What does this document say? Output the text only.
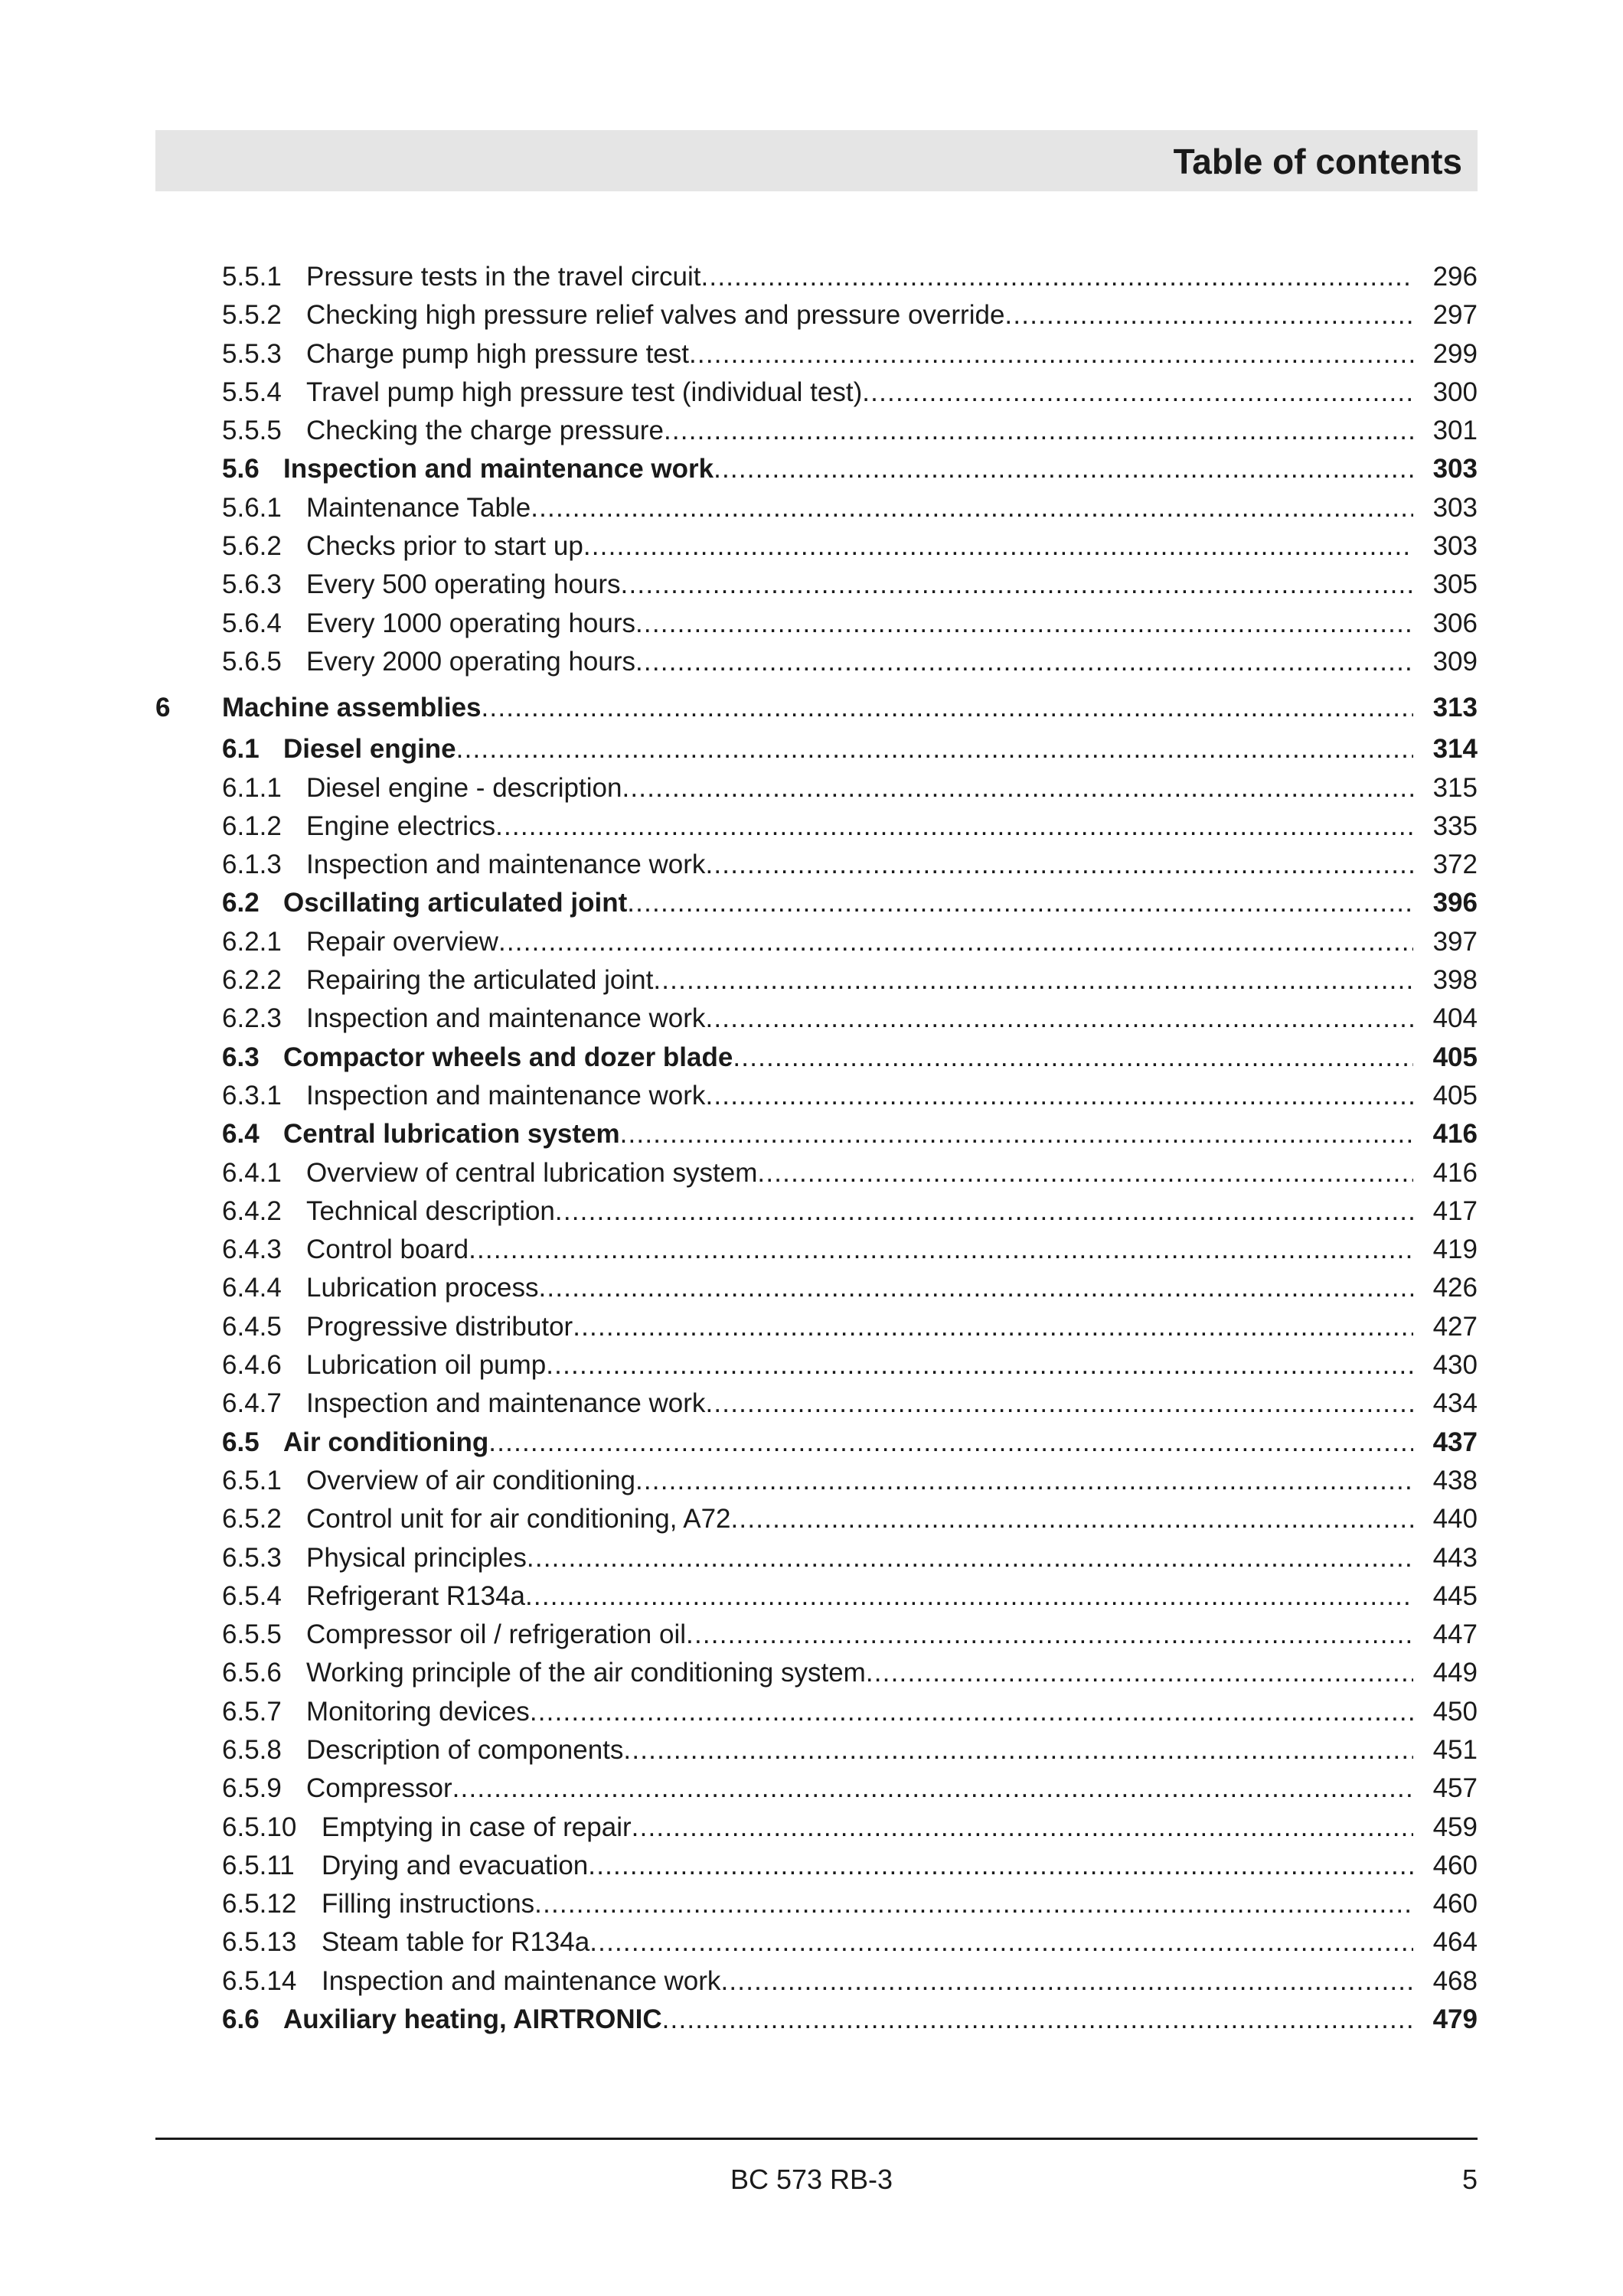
Table of contents
5.5.1 Pressure tests in the travel circuit .....	296
5.5.2 Checking high pressure relief valves and pressure override .....	297
5.5.3 Charge pump high pressure test .....	299
5.5.4 Travel pump high pressure test (individual test) .....	300
5.5.5 Checking the charge pressure .....	301
5.6 Inspection and maintenance work .....	303
5.6.1 Maintenance Table .....	303
5.6.2 Checks prior to start up .....	303
5.6.3 Every 500 operating hours .....	305
5.6.4 Every 1000 operating hours .....	306
5.6.5 Every 2000 operating hours .....	309
6 Machine assemblies .....	313
6.1 Diesel engine .....	314
6.1.1 Diesel engine - description .....	315
6.1.2 Engine electrics .....	335
6.1.3 Inspection and maintenance work .....	372
6.2 Oscillating articulated joint .....	396
6.2.1 Repair overview .....	397
6.2.2 Repairing the articulated joint .....	398
6.2.3 Inspection and maintenance work .....	404
6.3 Compactor wheels and dozer blade .....	405
6.3.1 Inspection and maintenance work .....	405
6.4 Central lubrication system .....	416
6.4.1 Overview of central lubrication system .....	416
6.4.2 Technical description .....	417
6.4.3 Control board .....	419
6.4.4 Lubrication process .....	426
6.4.5 Progressive distributor .....	427
6.4.6 Lubrication oil pump .....	430
6.4.7 Inspection and maintenance work .....	434
6.5 Air conditioning .....	437
6.5.1 Overview of air conditioning .....	438
6.5.2 Control unit for air conditioning, A72 .....	440
6.5.3 Physical principles .....	443
6.5.4 Refrigerant R134a .....	445
6.5.5 Compressor oil / refrigeration oil .....	447
6.5.6 Working principle of the air conditioning system .....	449
6.5.7 Monitoring devices .....	450
6.5.8 Description of components .....	451
6.5.9 Compressor .....	457
6.5.10 Emptying in case of repair .....	459
6.5.11	Drying and evacuation .....	460
6.5.12 Filling instructions .....	460
6.5.13 Steam table for R134a .....	464
6.5.14 Inspection and maintenance work .....	468
6.6 Auxiliary heating, AIRTRONIC .....	479
BC 573 RB-3	5
